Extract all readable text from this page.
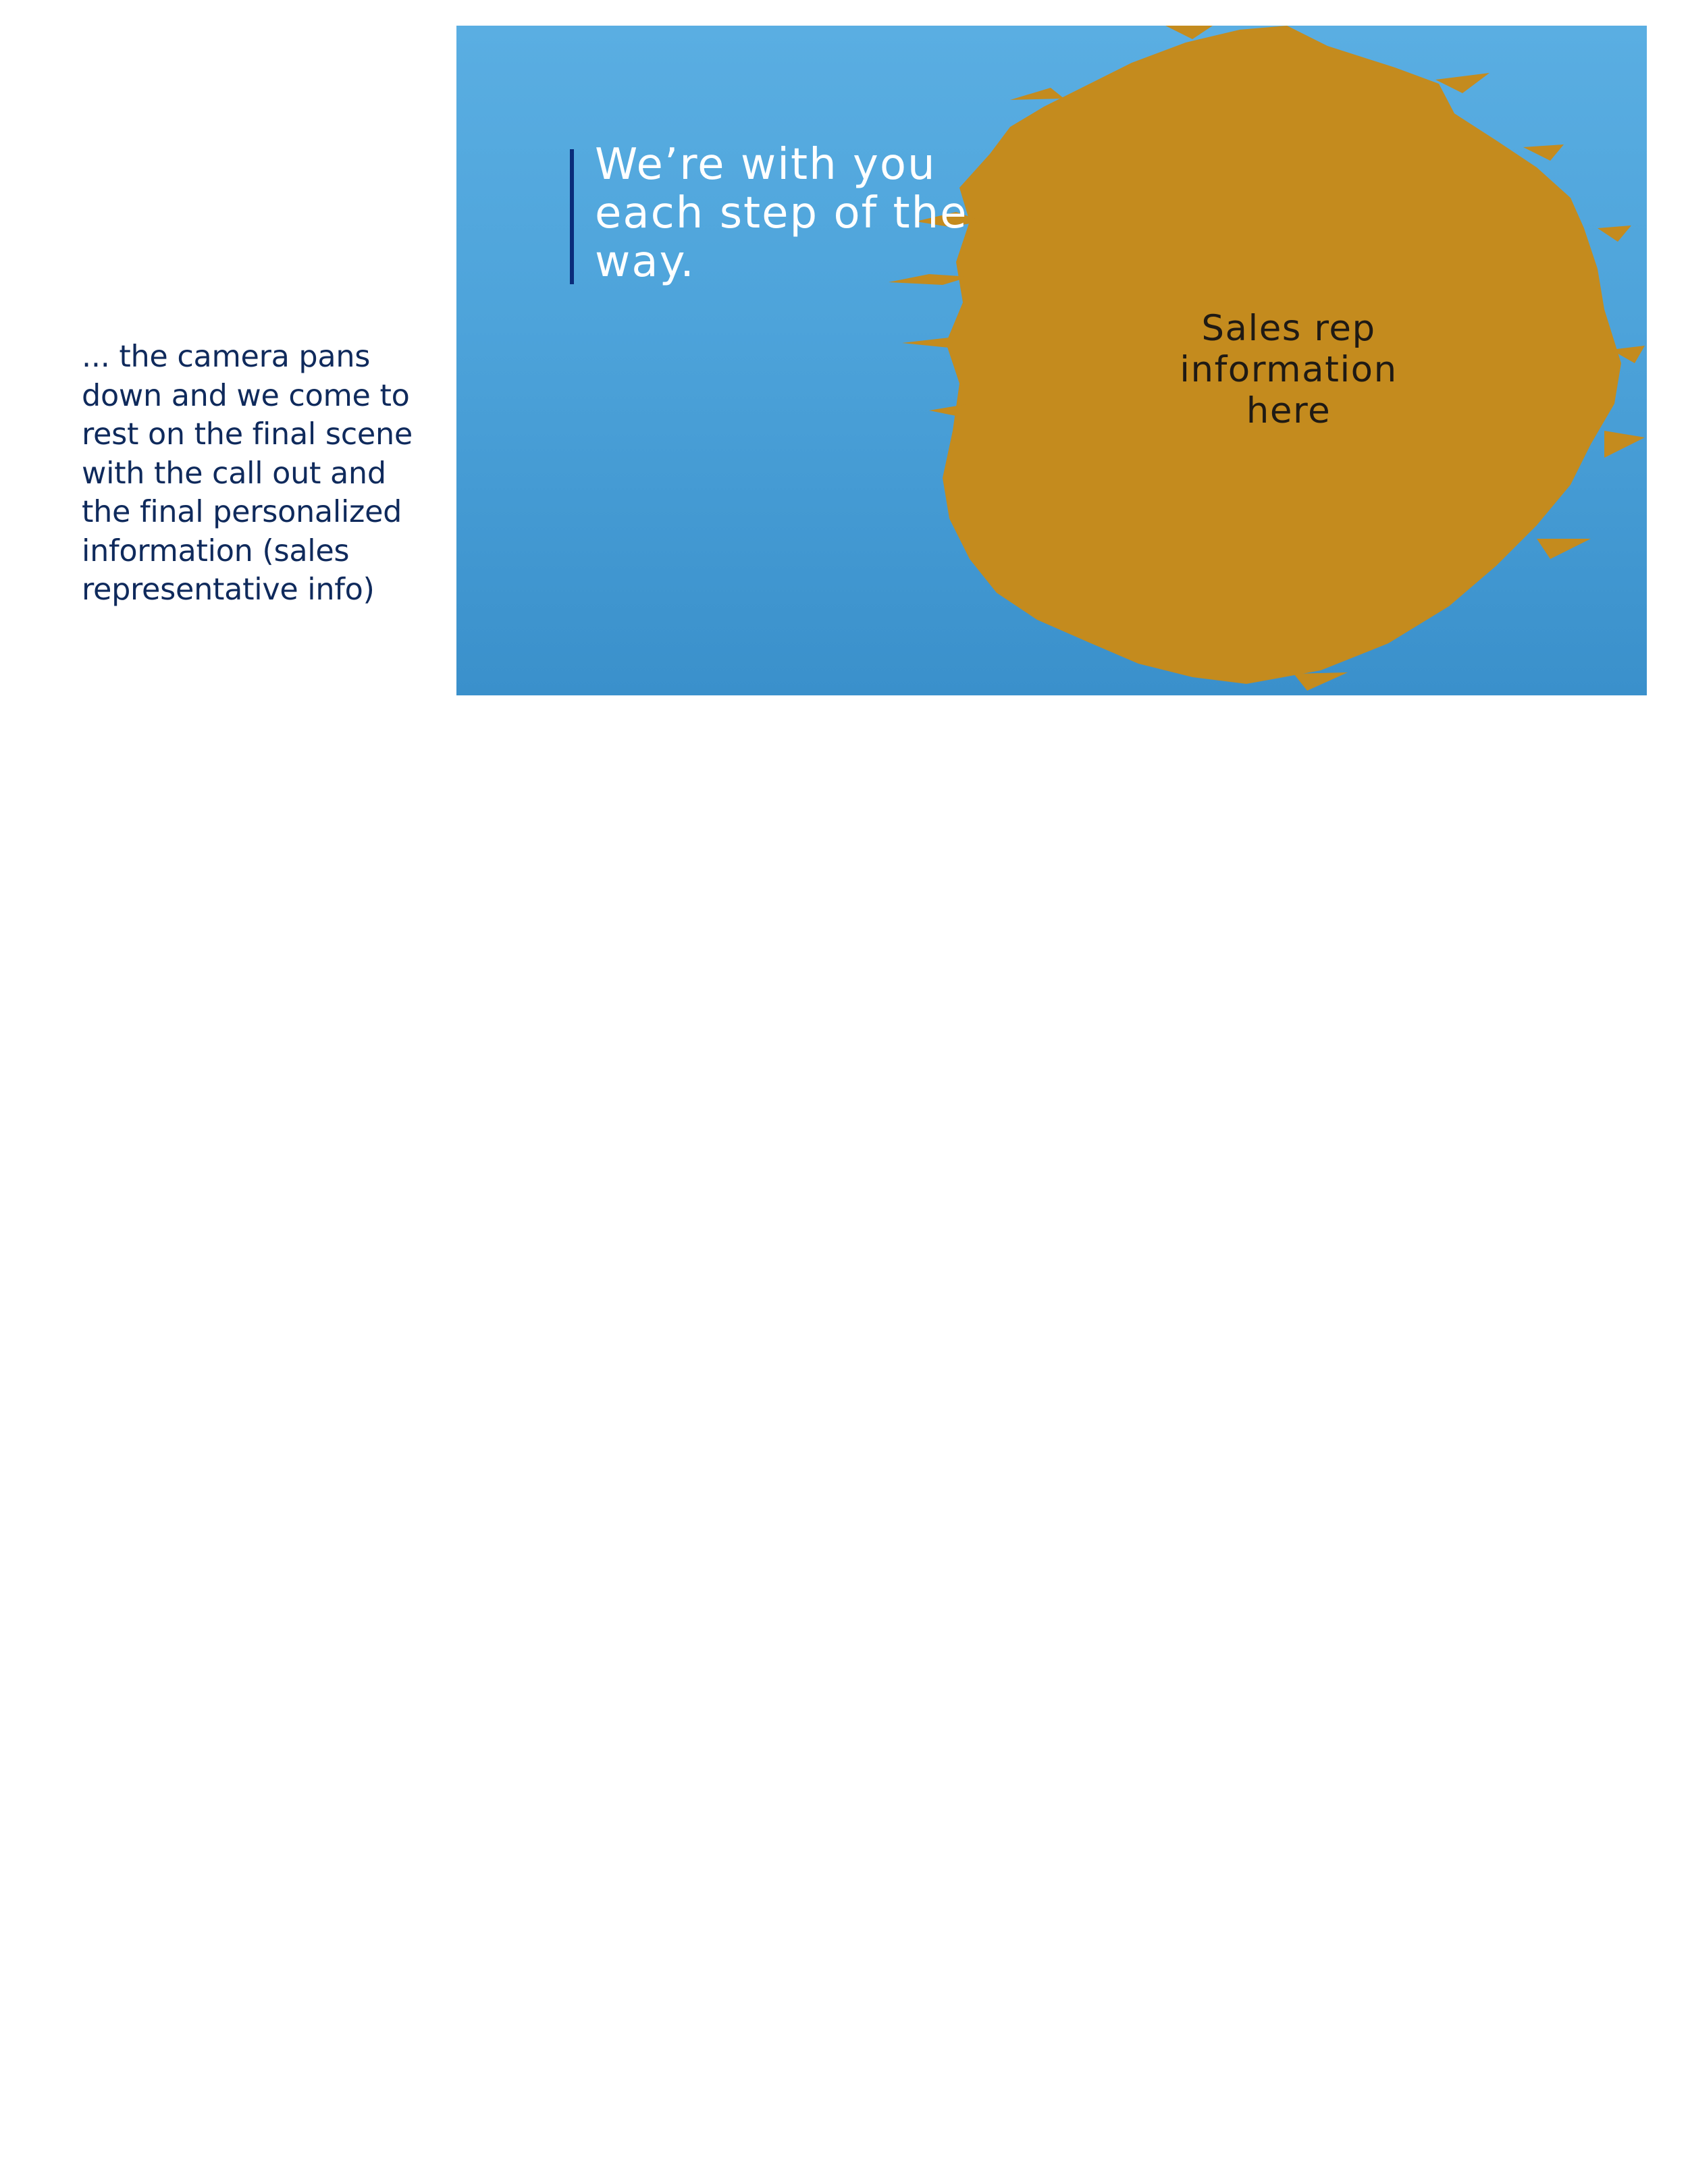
... the camera pans down and we come to rest on the final scene with the call out and the final personalized information (sales representative info)
We’re with you each step of the way.
Sales rep information here
